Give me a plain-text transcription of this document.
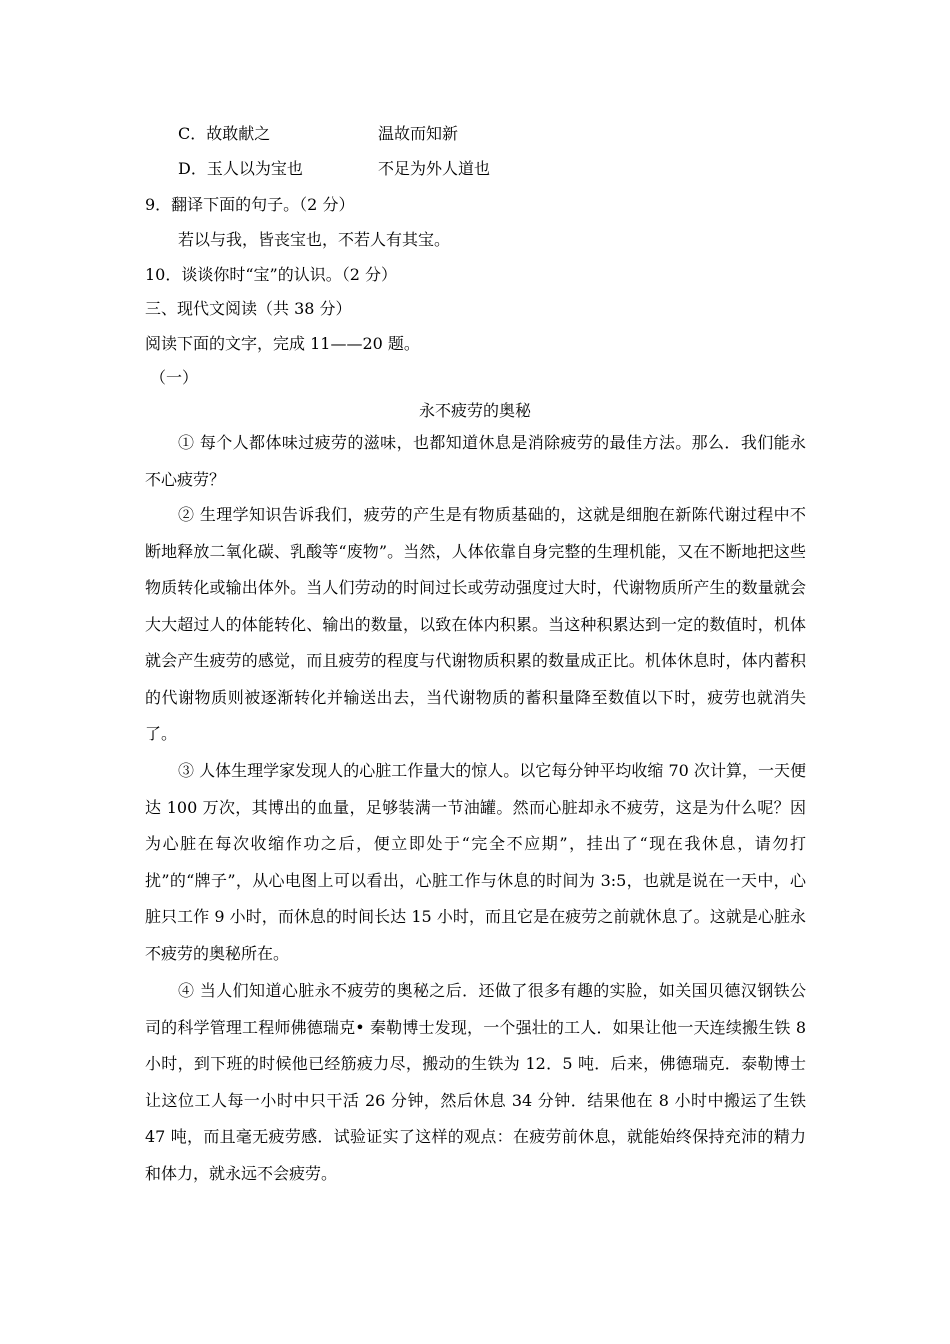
C．故敢献之	温故而知新
D．玉人以为宝也	不足为外人道也
9．翻译下面的句子。（2 分）
若以与我，皆丧宝也，不若人有其宝。
10．谈谈你时“宝”的认识。（2 分）
三、现代文阅读（共 38 分）
阅读下面的文字，完成 11——20 题。
（一）
永不疲劳的奥秘

① 每个人都体味过疲劳的滋味，也都知道休息是消除疲劳的最佳方法。那么．我们能永不心疲劳？

② 生理学知识告诉我们，疲劳的产生是有物质基础的，这就是细胞在新陈代谢过程中不断地释放二氧化碳、乳酸等“废物”。当然，人体依靠自身完整的生理机能，又在不断地把这些物质转化或输出体外。当人们劳动的时间过长或劳动强度过大时，代谢物质所产生的数量就会大大超过人的体能转化、输出的数量，以致在体内积累。当这种积累达到一定的数值时，机体就会产生疲劳的感觉，而且疲劳的程度与代谢物质积累的数量成正比。机体休息时，体内蓄积的代谢物质则被逐渐转化并输送出去，当代谢物质的蓄积量降至数值以下时，疲劳也就消失了。

③ 人体生理学家发现人的心脏工作量大的惊人。以它每分钟平均收缩 70 次计算，一天便达 100 万次，其博出的血量，足够装满一节油罐。然而心脏却永不疲劳，这是为什么呢？因为心脏在每次收缩作功之后，便立即处于“完全不应期”，挂出了“现在我休息，请勿打扰”的“牌子”，从心电图上可以看出，心脏工作与休息的时间为 3:5，也就是说在一天中，心脏只工作 9 小时，而休息的时间长达 15 小时，而且它是在疲劳之前就休息了。这就是心脏永不疲劳的奥秘所在。

④ 当人们知道心脏永不疲劳的奥秘之后．还做了很多有趣的实脸，如关国贝德汉钢铁公司的科学管理工程师佛德瑞克• 秦勒博士发现，一个强壮的工人．如果让他一天连续搬生铁 8 小时，到下班的时候他已经筋疲力尽，搬动的生铁为 12．5 吨．后来，佛德瑞克．泰勒博士让这位工人每一小时中只干活 26 分钟，然后休息 34 分钟．结果他在 8 小时中搬运了生铁 47 吨，而且毫无疲劳感．试验证实了这样的观点：在疲劳前休息，就能始终保持充沛的精力和体力，就永远不会疲劳。
